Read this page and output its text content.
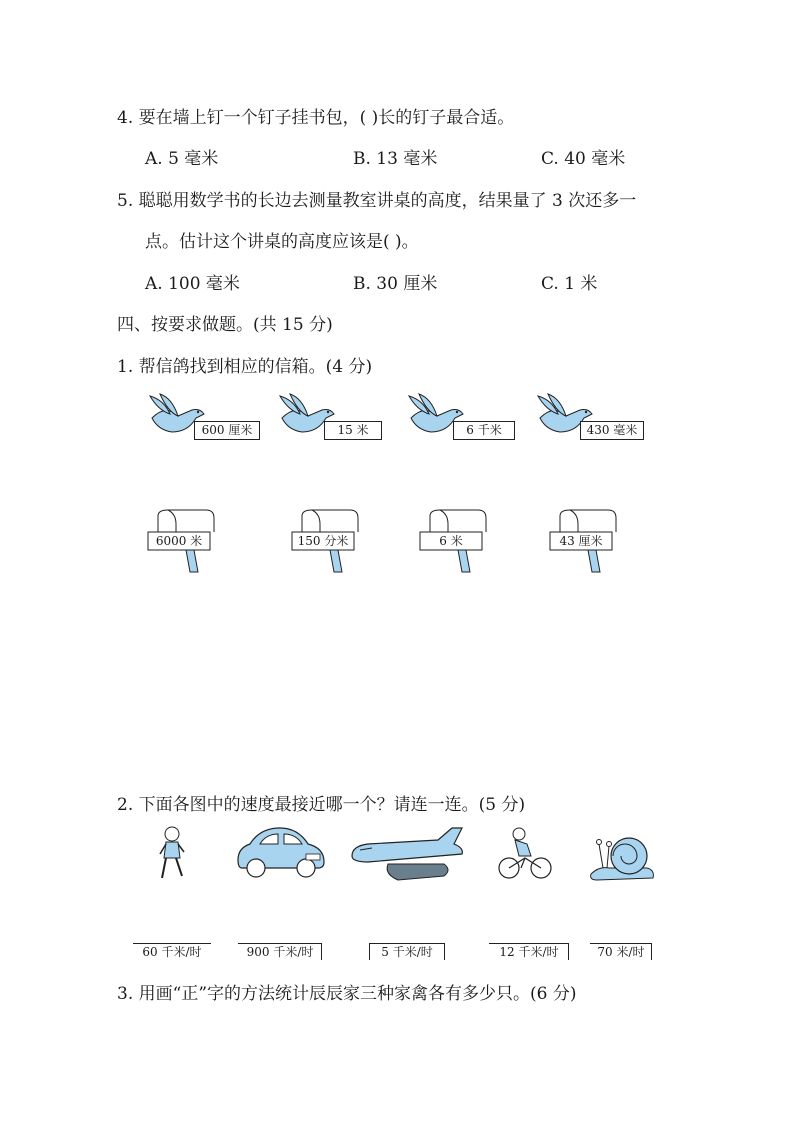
4. 要在墙上钉一个钉子挂书包，( )长的钉子最合适。
A. 5 毫米	B. 13 毫米	C. 40 毫米
5. 聪聪用数学书的长边去测量教室讲桌的高度，结果量了 3 次还多一
点。估计这个讲桌的高度应该是( )。
A. 100 毫米	B. 30 厘米	C. 1 米
四、按要求做题。(共 15 分)
1. 帮信鸽找到相应的信箱。(4 分)
600 厘米	15 米	6 千米	430 毫米
6000 米	150 分米	6 米	43 厘米
2. 下面各图中的速度最接近哪一个？请连一连。(5 分)
60 千米/时	900 千米/时	5 千米/时	12 千米/时	70 米/时
3. 用画“正”字的方法统计辰辰家三种家禽各有多少只。(6 分)
